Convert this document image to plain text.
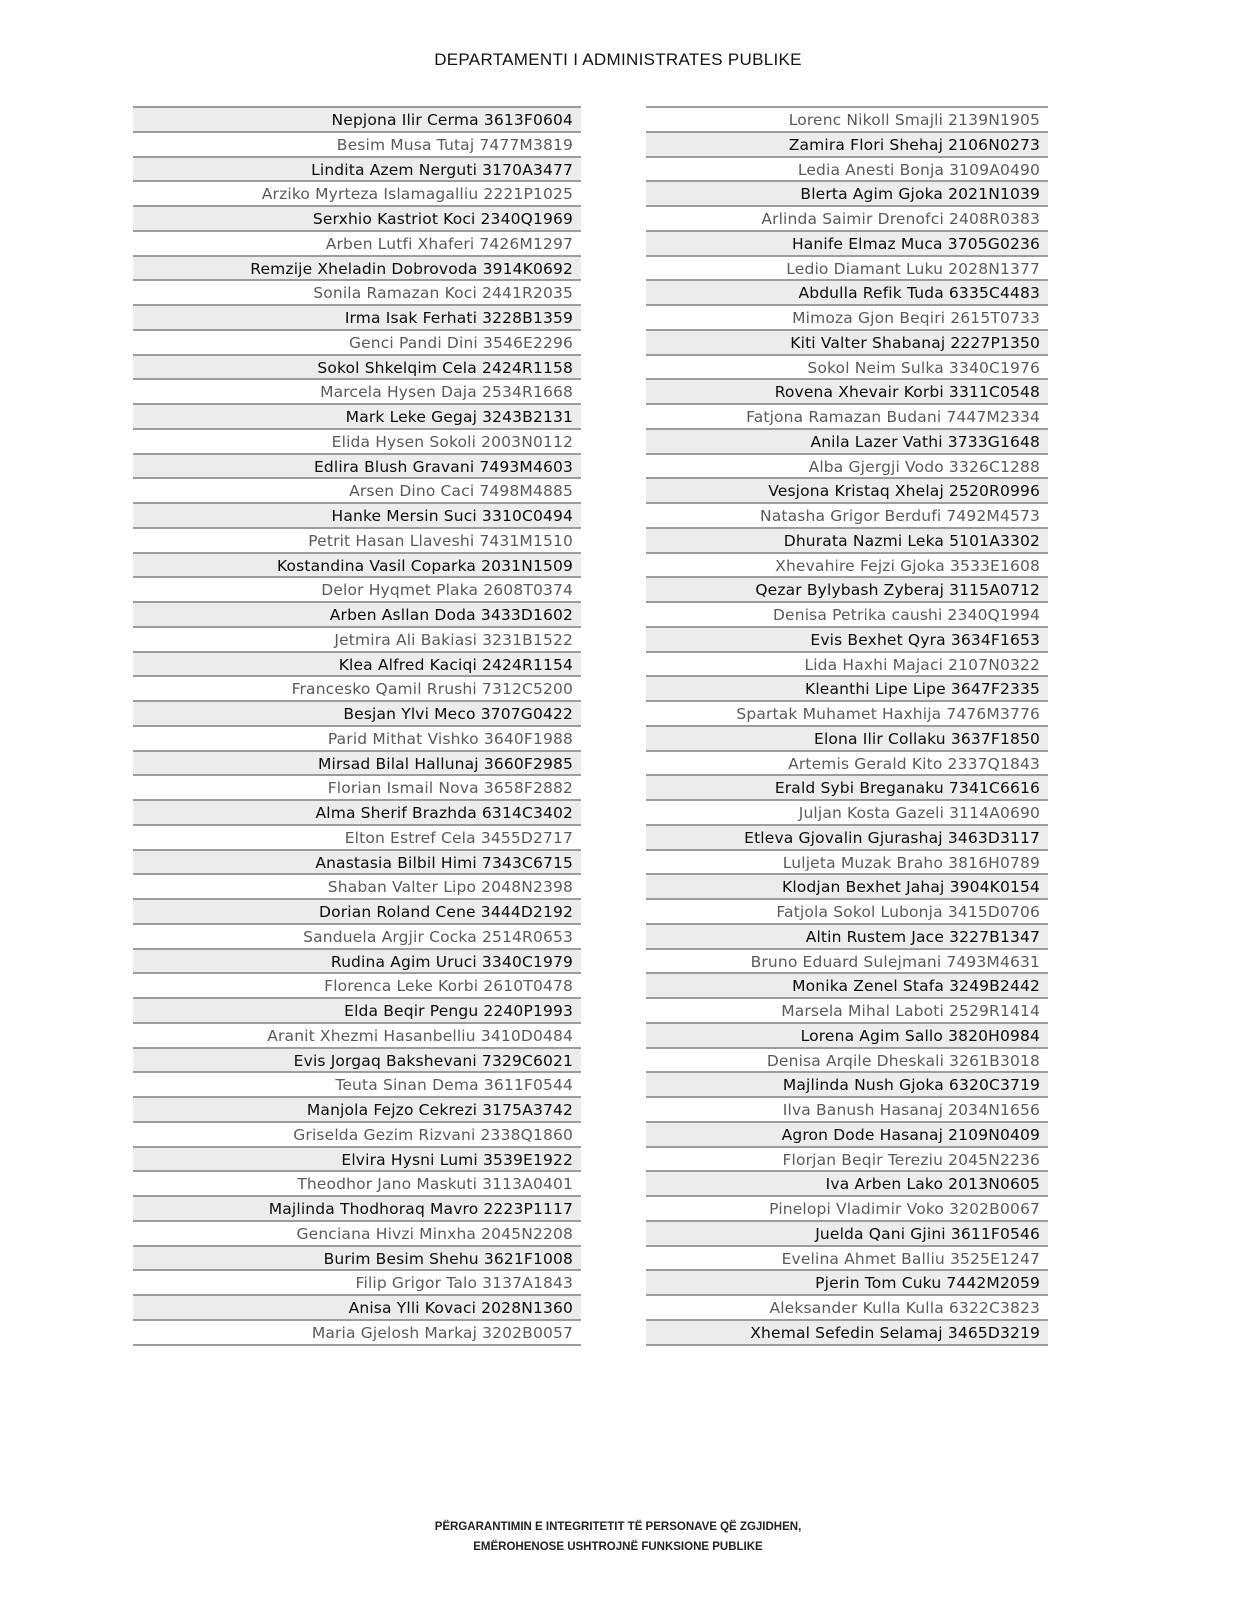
DEPARTAMENTI I ADMINISTRATES PUBLIKE
Nepjona Ilir Cerma 3613F0604
Besim Musa Tutaj 7477M3819
Lindita Azem Nerguti 3170A3477
Arziko Myrteza Islamagalliu 2221P1025
Serxhio Kastriot Koci 2340Q1969
Arben Lutfi Xhaferi 7426M1297
Remzije Xheladin Dobrovoda 3914K0692
Sonila Ramazan Koci 2441R2035
Irma Isak Ferhati 3228B1359
Genci Pandi Dini 3546E2296
Sokol Shkelqim Cela 2424R1158
Marcela Hysen Daja 2534R1668
Mark Leke Gegaj 3243B2131
Elida Hysen Sokoli 2003N0112
Edlira Blush Gravani 7493M4603
Arsen Dino Caci 7498M4885
Hanke Mersin Suci 3310C0494
Petrit Hasan Llaveshi 7431M1510
Kostandina Vasil Coparka 2031N1509
Delor Hyqmet Plaka 2608T0374
Arben Asllan Doda 3433D1602
Jetmira Ali Bakiasi 3231B1522
Klea Alfred Kaciqi 2424R1154
Francesko Qamil Rrushi 7312C5200
Besjan Ylvi Meco 3707G0422
Parid Mithat Vishko 3640F1988
Mirsad Bilal Hallunaj 3660F2985
Florian Ismail Nova 3658F2882
Alma Sherif Brazhda 6314C3402
Elton Estref Cela 3455D2717
Anastasia Bilbil Himi 7343C6715
Shaban Valter Lipo 2048N2398
Dorian Roland Cene 3444D2192
Sanduela Argjir Cocka 2514R0653
Rudina Agim Uruci 3340C1979
Florenca Leke Korbi 2610T0478
Elda Beqir Pengu 2240P1993
Aranit Xhezmi Hasanbelliu 3410D0484
Evis Jorgaq Bakshevani 7329C6021
Teuta Sinan Dema 3611F0544
Manjola Fejzo Cekrezi 3175A3742
Griselda Gezim Rizvani 2338Q1860
Elvira Hysni Lumi 3539E1922
Theodhor Jano Maskuti 3113A0401
Majlinda Thodhoraq Mavro 2223P1117
Genciana Hivzi Minxha 2045N2208
Burim Besim Shehu 3621F1008
Filip Grigor Talo 3137A1843
Anisa Ylli Kovaci 2028N1360
Maria Gjelosh Markaj 3202B0057
Lorenc Nikoll Smajli 2139N1905
Zamira Flori Shehaj 2106N0273
Ledia Anesti Bonja 3109A0490
Blerta Agim Gjoka 2021N1039
Arlinda Saimir Drenofci 2408R0383
Hanife Elmaz Muca 3705G0236
Ledio Diamant Luku 2028N1377
Abdulla Refik Tuda 6335C4483
Mimoza Gjon Beqiri 2615T0733
Kiti Valter Shabanaj 2227P1350
Sokol Neim Sulka 3340C1976
Rovena Xhevair Korbi 3311C0548
Fatjona Ramazan Budani 7447M2334
Anila Lazer Vathi 3733G1648
Alba Gjergji Vodo 3326C1288
Vesjona Kristaq Xhelaj 2520R0996
Natasha Grigor Berdufi 7492M4573
Dhurata Nazmi Leka 5101A3302
Xhevahire Fejzi Gjoka 3533E1608
Qezar Bylybash Zyberaj 3115A0712
Denisa Petrika caushi 2340Q1994
Evis Bexhet Qyra 3634F1653
Lida Haxhi Majaci 2107N0322
Kleanthi Lipe Lipe 3647F2335
Spartak Muhamet Haxhija 7476M3776
Elona Ilir Collaku 3637F1850
Artemis Gerald Kito 2337Q1843
Erald Sybi Breganaku 7341C6616
Juljan Kosta Gazeli 3114A0690
Etleva Gjovalin Gjurashaj 3463D3117
Luljeta Muzak Braho 3816H0789
Klodjan Bexhet Jahaj 3904K0154
Fatjola Sokol Lubonja 3415D0706
Altin Rustem Jace 3227B1347
Bruno Eduard Sulejmani 7493M4631
Monika Zenel Stafa 3249B2442
Marsela Mihal Laboti 2529R1414
Lorena Agim Sallo 3820H0984
Denisa Arqile Dheskali 3261B3018
Majlinda Nush Gjoka 6320C3719
Ilva Banush Hasanaj 2034N1656
Agron Dode Hasanaj 2109N0409
Florjan Beqir Tereziu 2045N2236
Iva Arben Lako 2013N0605
Pinelopi Vladimir Voko 3202B0067
Juelda Qani Gjini 3611F0546
Evelina Ahmet Balliu 3525E1247
Pjerin Tom Cuku 7442M2059
Aleksander Kulla Kulla 6322C3823
Xhemal Sefedin Selamaj 3465D3219
PËRGARANTIMIN E INTEGRITETIT TË PERSONAVE QË ZGJIDHEN,
EMËROHENOSE USHTROJNË FUNKSIONE PUBLIKE
